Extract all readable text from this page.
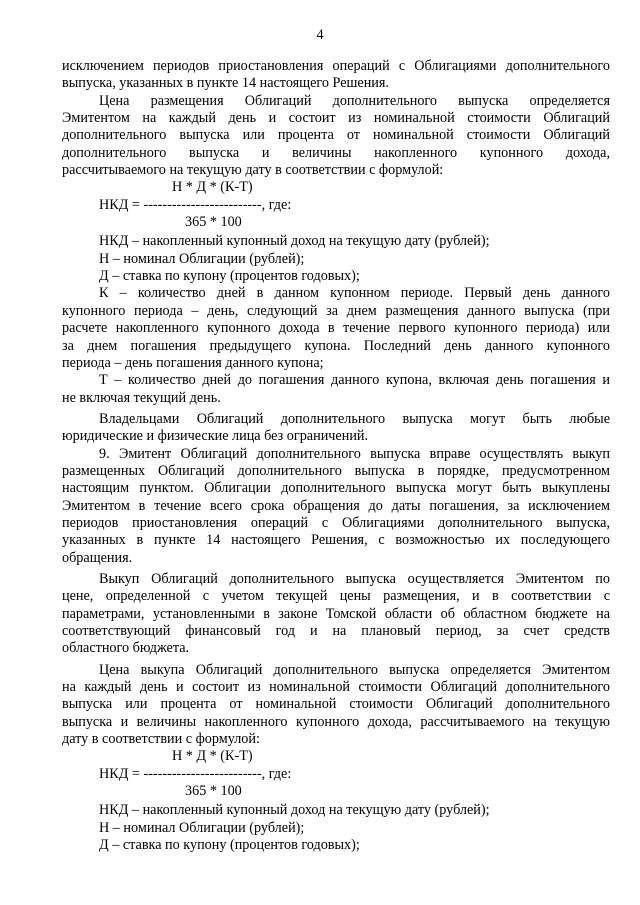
4
исключением периодов приостановления операций с Облигациями дополнительного
выпуска, указанных в пункте 14 настоящего Решения.
Цена размещения Облигаций дополнительного выпуска определяется
Эмитентом на каждый день и состоит из номинальной стоимости Облигаций
дополнительного выпуска или процента от номинальной стоимости Облигаций
дополнительного выпуска и величины накопленного купонного дохода,
рассчитываемого на текущую дату в соответствии с формулой:
Н * Д * (К-Т)
НКД = -------------------------, где:
365 * 100
НКД – накопленный купонный доход на текущую дату (рублей);
Н – номинал Облигации (рублей);
Д – ставка по купону (процентов годовых);
К – количество дней в данном купонном периоде. Первый день данного
купонного периода – день, следующий за днем размещения данного выпуска (при
расчете накопленного купонного дохода в течение первого купонного периода) или
за днем погашения предыдущего купона. Последний день данного купонного
периода – день погашения данного купона;
Т – количество дней до погашения данного купона, включая день погашения и
не включая текущий день.
Владельцами Облигаций дополнительного выпуска могут быть любые
юридические и физические лица без ограничений.
9. Эмитент Облигаций дополнительного выпуска вправе осуществлять выкуп
размещенных Облигаций дополнительного выпуска в порядке, предусмотренном
настоящим пунктом. Облигации дополнительного выпуска могут быть выкуплены
Эмитентом в течение всего срока обращения до даты погашения, за исключением
периодов приостановления операций с Облигациями дополнительного выпуска,
указанных в пункте 14 настоящего Решения, с возможностью их последующего
обращения.
Выкуп Облигаций дополнительного выпуска осуществляется Эмитентом по
цене, определенной с учетом текущей цены размещения, и в соответствии с
параметрами, установленными в законе Томской области об областном бюджете на
соответствующий финансовый год и на плановый период, за счет средств
областного бюджета.
Цена выкупа Облигаций дополнительного выпуска определяется Эмитентом
на каждый день и состоит из номинальной стоимости Облигаций дополнительного
выпуска или процента от номинальной стоимости Облигаций дополнительного
выпуска и величины накопленного купонного дохода, рассчитываемого на текущую
дату в соответствии с формулой:
Н * Д * (К-Т)
НКД = -------------------------, где:
365 * 100
НКД – накопленный купонный доход на текущую дату (рублей);
Н – номинал Облигации (рублей);
Д – ставка по купону (процентов годовых);
